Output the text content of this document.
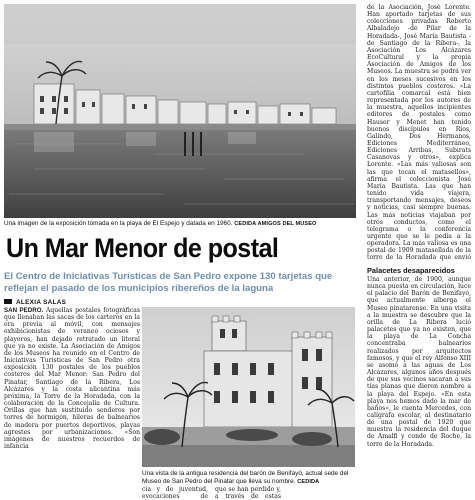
Una imagen de la exposición tomada en la playa de El Espejo y datada en 1960. CEDIDA AMIGOS DEL MUSEO
Un Mar Menor de postal
El Centro de Iniciativas Turísticas de San Pedro expone 130 tarjetas que reflejan el pasado de los municipios ribereños de la laguna
ALEXIA SALAS

SAN PEDRO. Aquellas postales fotográficas que llenaban las sacas de los carteros en la era previa al móvil, con mensajes exhibicionistas de veraneo ociosos y playeros, han dejado retratado un litoral que ya no existe. La Asociación de Amigos de los Museos ha reunido en el Centro de Iniciativas Turísticas de San Pedro otra exposición 130 postales de los pueblos costeros del Mar Menor: San Pedro del Pinatar, Santiago de la Ribera, Los Alcázares y la costa alicantina más próxima, la Torre de la Horadada, con la colaboración de la Concejalía de Cultura. Orillas que han sustituido senderos por torres de hormigón, hileras de balnearios de madera por puertos deportivos, playas agrestes por urbanizaciones. «Son imágenes de nuestros recuerdos de infancia

Una vista de la antigua residencia del barón de Benifayó, actual sede del Museo de San Pedro del Pinatar que lleva su nombre. CEDIDA

cia y de juventud, evocaciones de

que se han perdido y, a través de estas

de la Asociación, José Lorente. Han aportado tarjetas de sus colecciones privadas Roberto Albaladejo -de Pilar de la Horadada-, José María Bautista -de Santiago de la Ribera-, la Asociación Los Alcázares EcoCultural y la propia Asociación de Amigos de los Museos. La muestra se podrá ver en los meses sucesivos en los distintos pueblos costeros. «La cartofilia comarcal está bien representada por los autores de la muestra, aquellos incipientes editores de postales como Hauser y Menet han tenido buenos discípulos en Ríos, Galindo, Dos Hermanos, Ediciones Mediterráneo, Ediciones Arribas, Subirats Casanovas y otros», explica Lorente. «Las más valiosas son las que tocan el matasellos», afirma el coleccionista José María Bautista. Las que han tenido vida viajera, transportando mensajes, deseos y noticias, casi siempre buenas. Las más noticias viajaban por otros conductos, como el telegrama o la conferencia urgente que se le pedía a la operadora. La más valiosa es una postal de 1909 matasellada de la torre de la Horadada que envió

Palacetes desaparecidos

Una anterior, de 1900, aunque nunca puesta en circulación, luce el palacio del Barón de Benifayó, que actualmente alberga el Museo pinatarense. En una visita a la muestra se descubre que la orilla de La Ribera lució palacetes que ya no existen, que la playa de La Concha concentraba balnearios realizados por arquitectos famosos, y que el rey Alfonso XIII se asomó a las aguas de Los Alcázares, algunos años después de que sus vecinos sacaran a sus tías planas que dieron nombre a la playa del Espejo. «En esta playa nos hemos dado la mar de baños», le cuenta Mercedes, con calígrafa escolar, al destinatario de una postal de 1920 que muestra la residencia del duque de Amalfi y conde de Roche, la torre de la Horadada.
